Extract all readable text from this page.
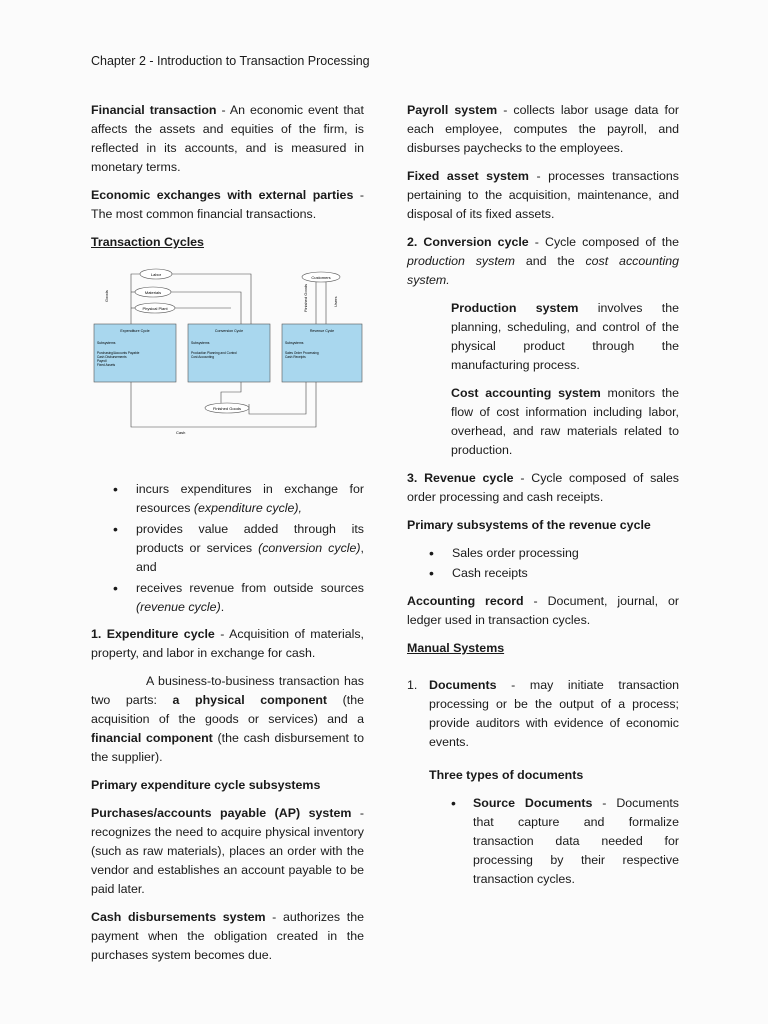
Chapter 2 - Introduction to Transaction Processing

Financial transaction - An economic event that affects the assets and equities of the firm, is reflected in its accounts, and is measured in monetary terms.

Economic exchanges with external parties - The most common financial transactions.

Transaction Cycles

Labor
Materials
Physical Plant
Goods
Customers
Finished Goods	Users
Expenditure Cycle
Subsystems
Purchasing/Accounts Payable
Cash Disbursements
Payroll
Fixed Assets
Conversion Cycle
Subsystems
Production Planning and Control
Cost Accounting
Revenue Cycle
Subsystems
Sales Order Processing
Cash Receipts
Finished Goods
Cash
• incurs expenditures in exchange for resources (expenditure cycle),
• provides value added through its products or services (conversion cycle), and
• receives revenue from outside sources (revenue cycle).

1. Expenditure cycle - Acquisition of materials, property, and labor in exchange for cash.

A business-to-business transaction has two parts: a physical component (the acquisition of the goods or services) and a financial component (the cash disbursement to the supplier).

Primary expenditure cycle subsystems

Purchases/accounts payable (AP) system - recognizes the need to acquire physical inventory (such as raw materials), places an order with the vendor and establishes an account payable to be paid later.

Cash disbursements system - authorizes the payment when the obligation created in the purchases system becomes due.

Payroll system - collects labor usage data for each employee, computes the payroll, and disburses paychecks to the employees.

Fixed asset system - processes transactions pertaining to the acquisition, maintenance, and disposal of its fixed assets.

2. Conversion cycle - Cycle composed of the production system and the cost accounting system.

Production system involves the planning, scheduling, and control of the physical product through the manufacturing process.

Cost accounting system monitors the flow of cost information including labor, overhead, and raw materials related to production.

3. Revenue cycle - Cycle composed of sales order processing and cash receipts.

Primary subsystems of the revenue cycle

• Sales order processing
• Cash receipts

Accounting record - Document, journal, or ledger used in transaction cycles.

Manual Systems

1. Documents - may initiate transaction processing or be the output of a process; provide auditors with evidence of economic events.

Three types of documents

• Source Documents - Documents that capture and formalize transaction data needed for processing by their respective transaction cycles.
